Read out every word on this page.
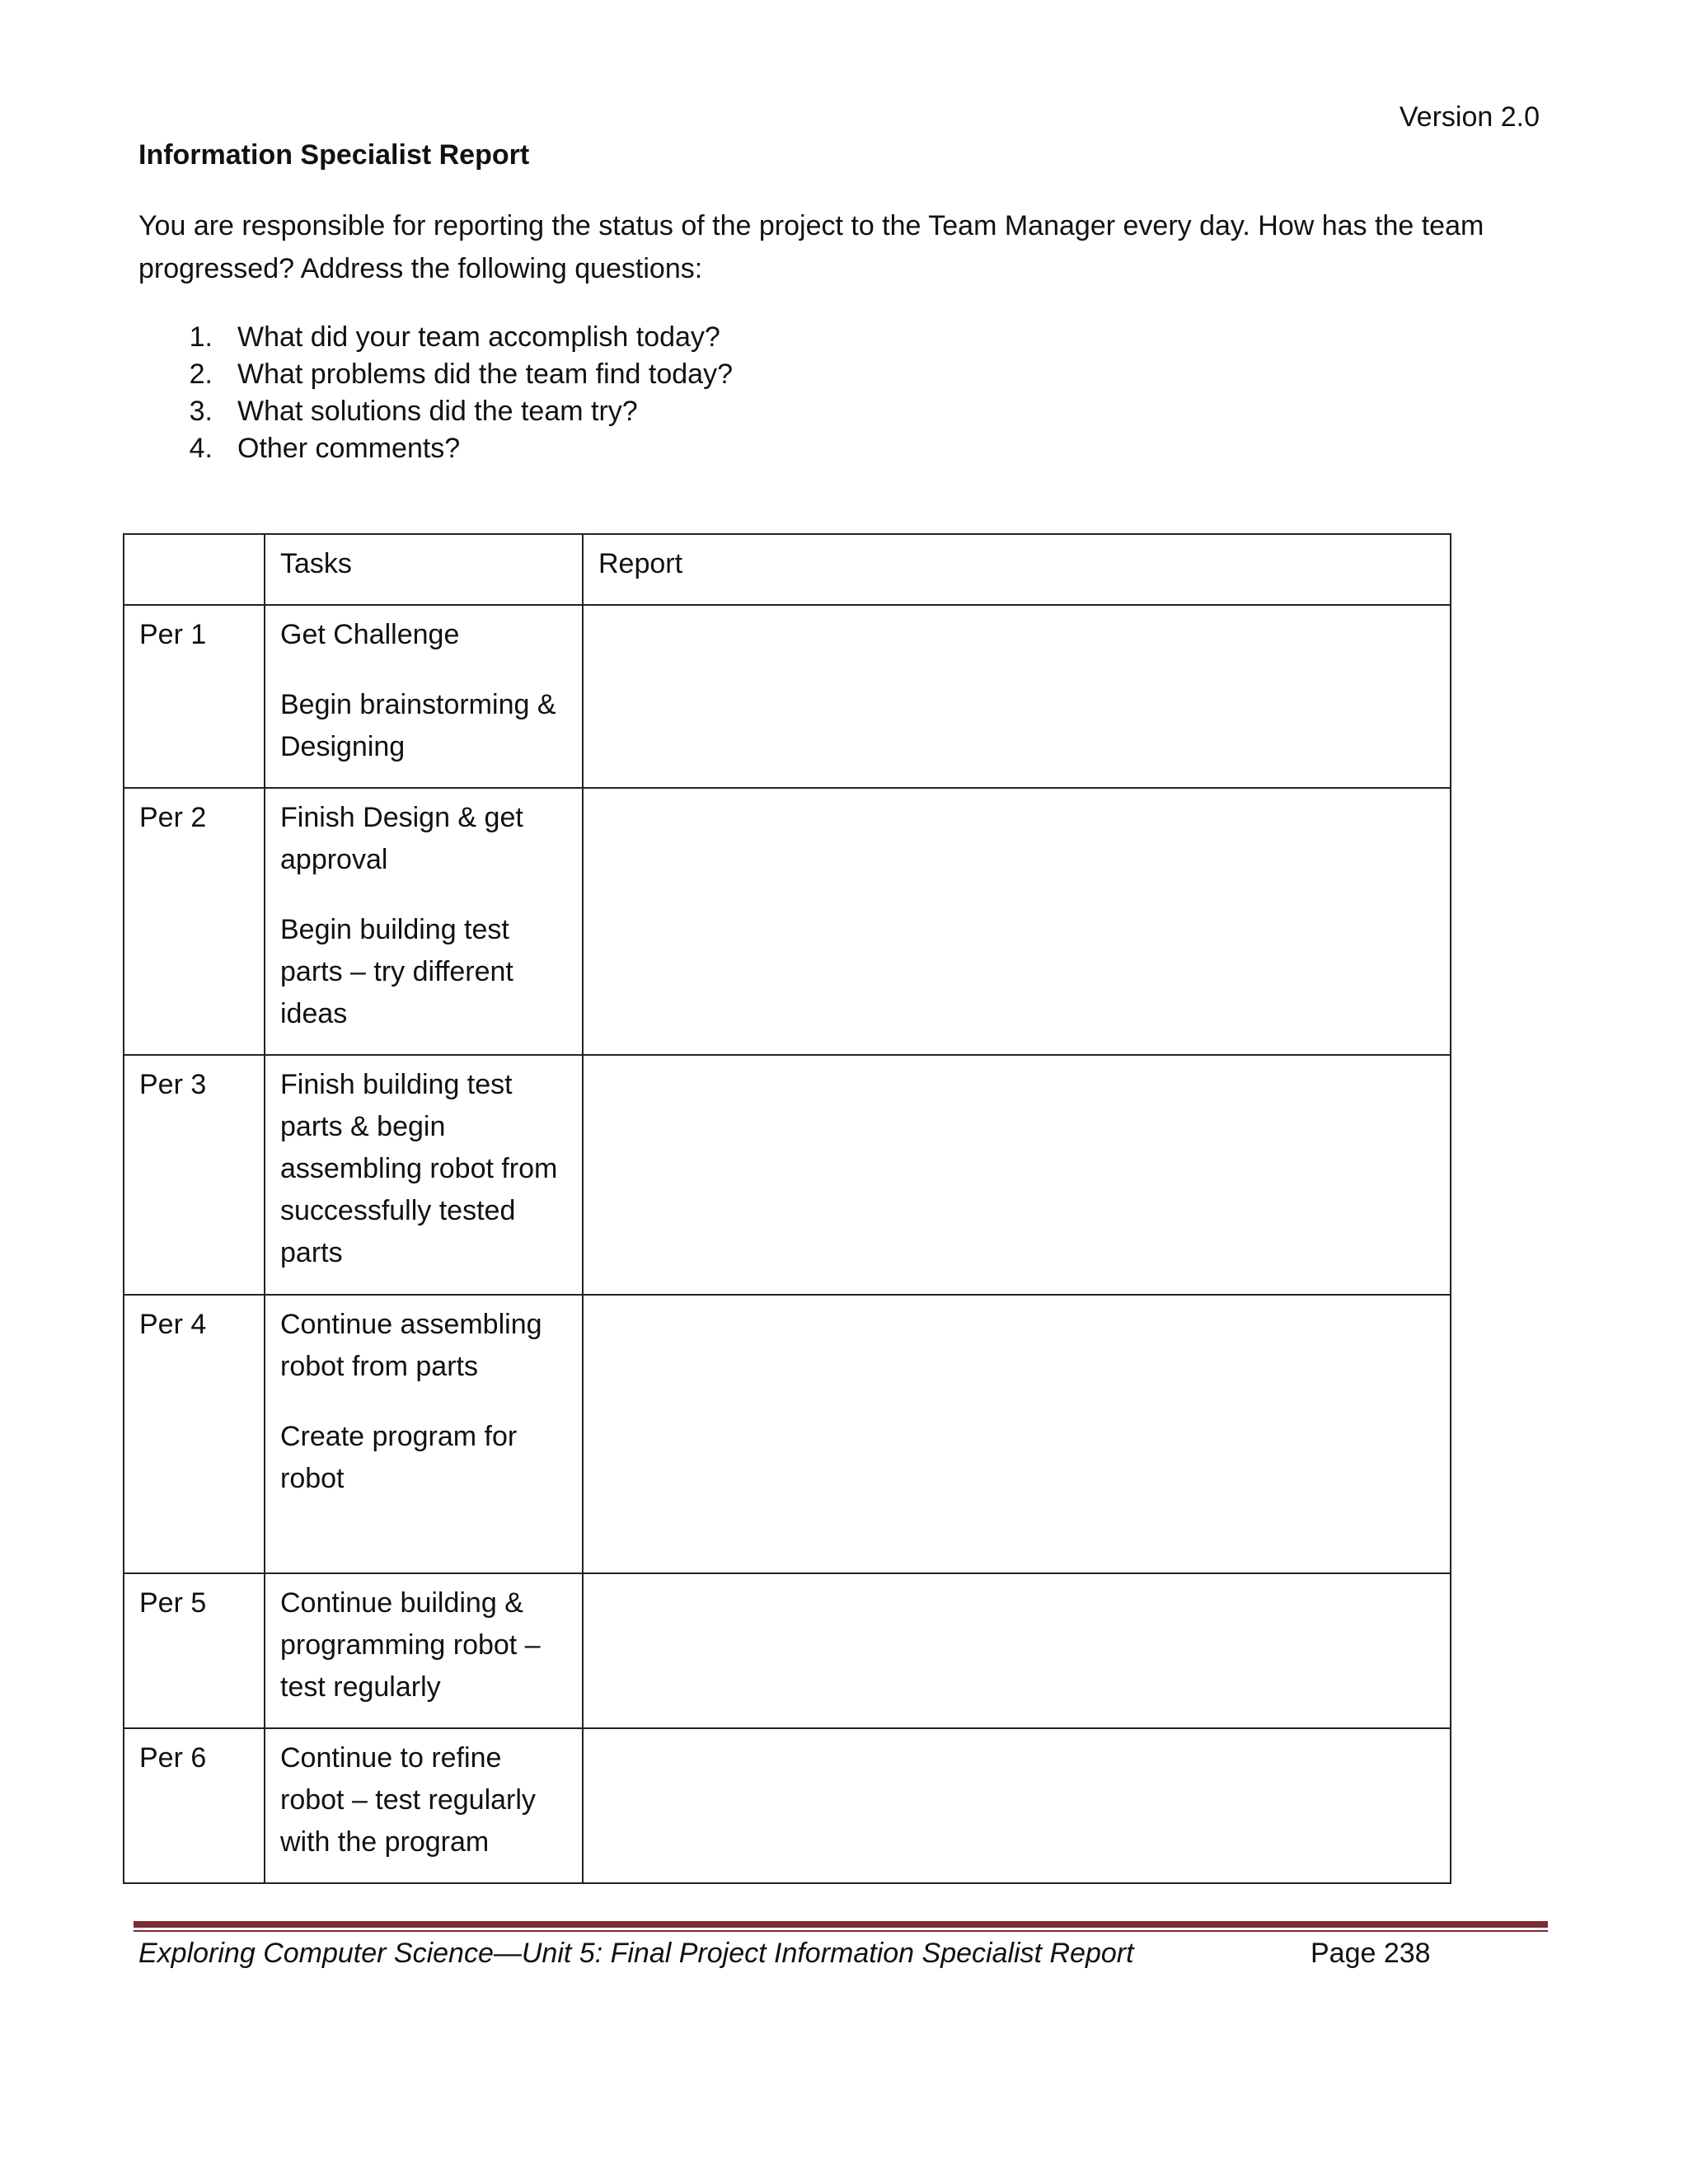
Version 2.0
Information Specialist Report
You are responsible for reporting the status of the project to the Team Manager every day. How has the team progressed? Address the following questions:
1. What did your team accomplish today?
2. What problems did the team find today?
3. What solutions did the team try?
4. Other comments?
	Tasks	Report
Per 1	Get Challenge

Begin brainstorming & Designing	

Per 2	Finish Design & get approval

Begin building test parts – try different ideas	

Per 3	Finish building test parts & begin assembling robot from successfully tested parts	

Per 4	Continue assembling robot from parts

Create program for robot	

Per 5	Continue building & programming robot – test regularly	

Per 6	Continue to refine robot – test regularly with the program	

Exploring Computer Science—Unit 5: Final Project Information Specialist Report	Page 238
